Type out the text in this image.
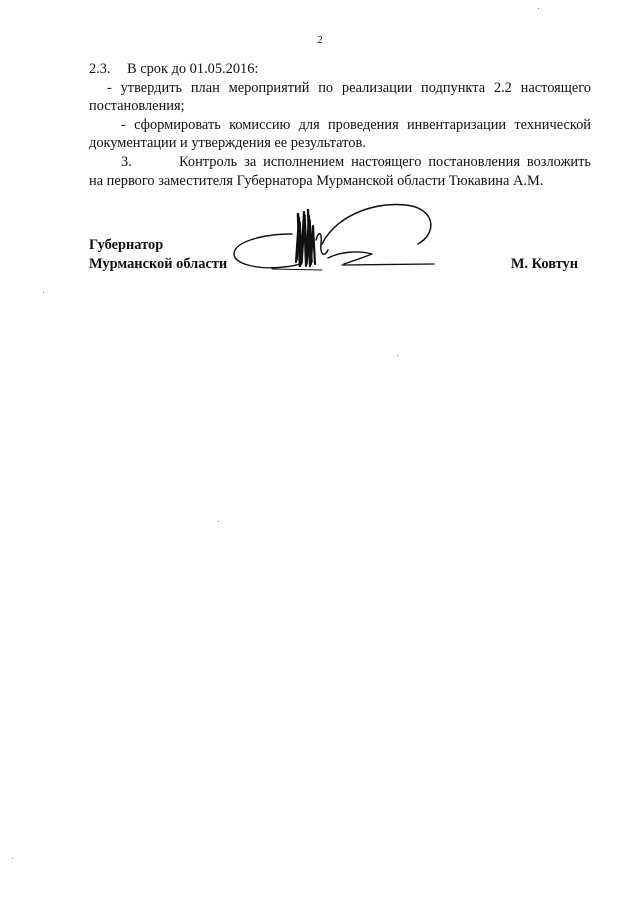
2

2.3. В срок до 01.05.2016:

- утвердить план мероприятий по реализации подпункта 2.2 настоящего постановления;

- сформировать комиссию для проведения инвентаризации технической документации и утверждения ее результатов.

3.	Контроль за исполнением настоящего постановления возложить на первого заместителя Губернатора Мурманской области Тюкавина А.М.

Губернатор
Мурманской области	М. Ковтун
